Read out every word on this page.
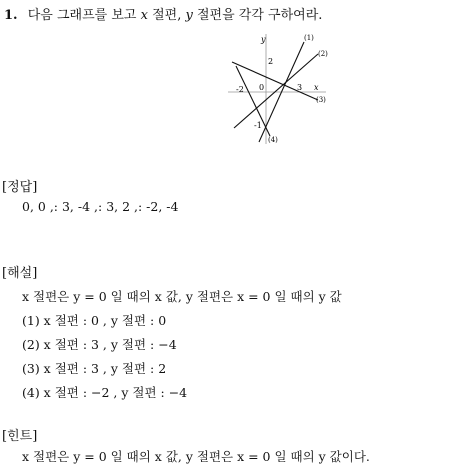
1. 다음 그래프를 보고 x 절편, y 절편을 각각 구하여라.
y
x
0
(1)
(2)
(3)
(4)
2
-2	3
-1
[정답]
0, 0 ,: 3, -4 ,: 3, 2 ,: -2, -4
[해설]
x 절편은 y = 0 일 때의 x 값, y 절편은 x = 0 일 때의 y 값
(1) x 절편 : 0 , y 절편 : 0
(2) x 절편 : 3 , y 절편 : −4
(3) x 절편 : 3 , y 절편 : 2
(4) x 절편 : −2 , y 절편 : −4
[힌트]
x 절편은 y = 0 일 때의 x 값, y 절편은 x = 0 일 때의 y 값이다.
